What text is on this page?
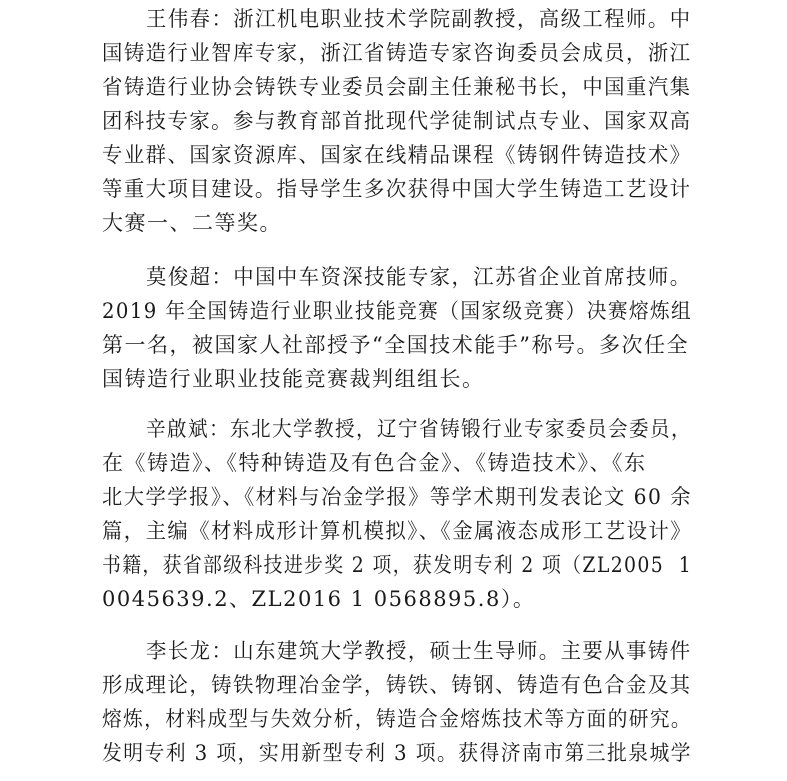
王伟春：浙江机电职业技术学院副教授，高级工程师。中
国铸造行业智库专家，浙江省铸造专家咨询委员会成员，浙江
省铸造行业协会铸铁专业委员会副主任兼秘书长，中国重汽集
团科技专家。参与教育部首批现代学徒制试点专业、国家双高
专业群、国家资源库、国家在线精品课程《铸钢件铸造技术》
等重大项目建设。指导学生多次获得中国大学生铸造工艺设计
大赛一、二等奖。
莫俊超：中国中车资深技能专家，江苏省企业首席技师。
2019 年全国铸造行业职业技能竞赛（国家级竞赛）决赛熔炼组
第一名，被国家人社部授予“全国技术能手”称号。多次任全
国铸造行业职业技能竞赛裁判组组长。
辛啟斌：东北大学教授，辽宁省铸锻行业专家委员会委员，
在《铸造》、《特种铸造及有色合金》、《铸造技术》、《东
北大学学报》、《材料与冶金学报》等学术期刊发表论文 60 余
篇，主编《材料成形计算机模拟》、《金属液态成形工艺设计》
书籍，获省部级科技进步奖 2 项，获发明专利 2 项（ZL2005  1
0045639.2、ZL2016 1 0568895.8）。
李长龙：山东建筑大学教授，硕士生导师。主要从事铸件
形成理论，铸铁物理冶金学，铸铁、铸钢、铸造有色合金及其
熔炼，材料成型与失效分析，铸造合金熔炼技术等方面的研究。
发明专利 3 项，实用新型专利 3 项。获得济南市第三批泉城学
